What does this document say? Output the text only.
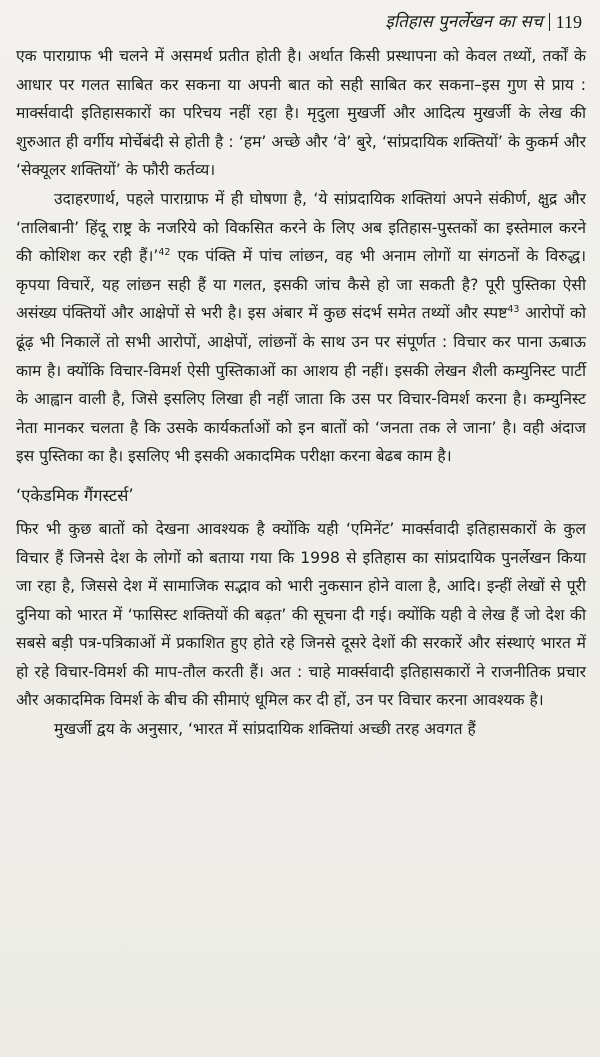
इतिहास पुनर्लेखन का सच 119

एक पाराग्राफ भी चलने में असमर्थ प्रतीत होती है। अर्थात किसी प्रस्थापना को केवल तथ्यों, तर्कों के आधार पर गलत साबित कर सकना या अपनी बात को सही साबित कर सकना–इस गुण से प्राय : मार्क्सवादी इतिहासकारों का परिचय नहीं रहा है। मृदुला मुखर्जी और आदित्य मुखर्जी के लेख की शुरुआत ही वर्गीय मोर्चेबंदी से होती है : ‘हम’ अच्छे और ‘वे’ बुरे, ‘सांप्रदायिक शक्तियों’ के कुकर्म और ‘सेक्यूलर शक्तियों’ के फौरी कर्तव्य।

उदाहरणार्थ, पहले पाराग्राफ में ही घोषणा है, ‘ये सांप्रदायिक शक्तियां अपने संकीर्ण, क्षुद्र और ‘तालिबानी’ हिंदू राष्ट्र के नजरिये को विकसित करने के लिए अब इतिहास-पुस्तकों का इस्तेमाल करने की कोशिश कर रही हैं।’$^{42}$ एक पंक्ति में पांच लांछन, वह भी अनाम लोगों या संगठनों के विरुद्ध। कृपया विचारें, यह लांछन सही हैं या गलत, इसकी जांच कैसे हो जा सकती है? पूरी पुस्तिका ऐसी असंख्य पंक्तियों और आक्षेपों से भरी है। इस अंबार में कुछ संदर्भ समेत तथ्यों और स्पष्ट$^{43}$ आरोपों को ढूंढ़ भी निकालें तो सभी आरोपों, आक्षेपों, लांछनों के साथ उन पर संपूर्णत : विचार कर पाना ऊबाऊ काम है। क्योंकि विचार-विमर्श ऐसी पुस्तिकाओं का आशय ही नहीं। इसकी लेखन शैली कम्युनिस्ट पार्टी के आह्वान वाली है, जिसे इसलिए लिखा ही नहीं जाता कि उस पर विचार-विमर्श करना है। कम्युनिस्ट नेता मानकर चलता है कि उसके कार्यकर्ताओं को इन बातों को ‘जनता तक ले जाना’ है। वही अंदाज इस पुस्तिका का है। इसलिए भी इसकी अकादमिक परीक्षा करना बेढब काम है।

‘एकेडमिक गैंगस्टर्स’

फिर भी कुछ बातों को देखना आवश्यक है क्योंकि यही ‘एमिनेंट’ मार्क्सवादी इतिहासकारों के कुल विचार हैं जिनसे देश के लोगों को बताया गया कि 1998 से इतिहास का सांप्रदायिक पुनर्लेखन किया जा रहा है, जिससे देश में सामाजिक सद्भाव को भारी नुकसान होने वाला है, आदि। इन्हीं लेखों से पूरी दुनिया को भारत में ‘फासिस्ट शक्तियों की बढ़त’ की सूचना दी गई। क्योंकि यही वे लेख हैं जो देश की सबसे बड़ी पत्र-पत्रिकाओं में प्रकाशित हुए होते रहे जिनसे दूसरे देशों की सरकारें और संस्थाएं भारत में हो रहे विचार-विमर्श की माप-तौल करती हैं। अत : चाहे मार्क्सवादी इतिहासकारों ने राजनीतिक प्रचार और अकादमिक विमर्श के बीच की सीमाएं धूमिल कर दी हों, उन पर विचार करना आवश्यक है।

मुखर्जी द्वय के अनुसार, ‘भारत में सांप्रदायिक शक्तियां अच्छी तरह अवगत हैं
